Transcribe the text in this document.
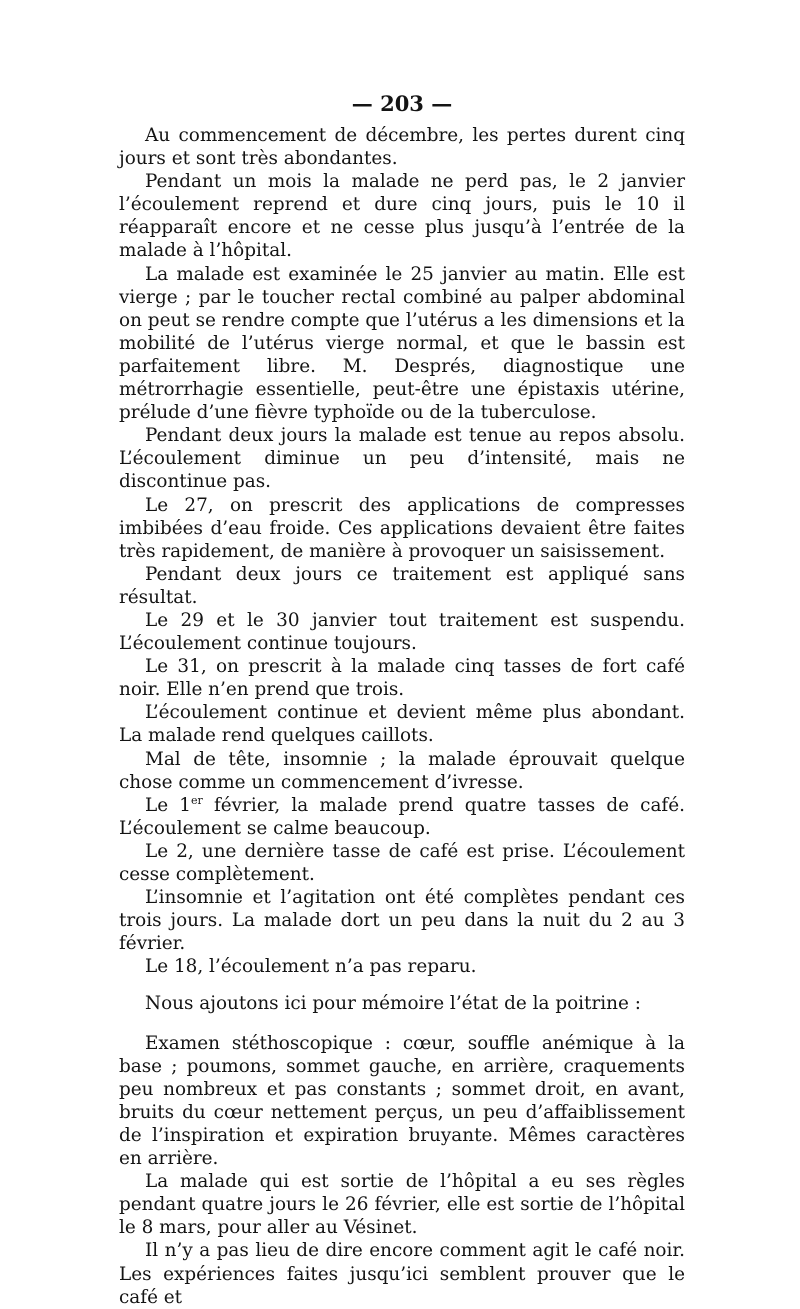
— 203 —

Au commencement de décembre, les pertes durent cinq jours et sont très abondantes.

Pendant un mois la malade ne perd pas, le 2 janvier l’écoulement reprend et dure cinq jours, puis le 10 il réapparaît encore et ne cesse plus jusqu’à l’entrée de la malade à l’hôpital.

La malade est examinée le 25 janvier au matin. Elle est vierge ; par le toucher rectal combiné au palper abdominal on peut se rendre compte que l’utérus a les dimensions et la mobilité de l’utérus vierge normal, et que le bassin est parfaitement libre. M. Després, diagnostique une métrorrhagie essentielle, peut-être une épistaxis utérine, prélude d’une fièvre typhoïde ou de la tuberculose.

Pendant deux jours la malade est tenue au repos absolu. L’écoulement diminue un peu d’intensité, mais ne discontinue pas.

Le 27, on prescrit des applications de compresses imbibées d’eau froide. Ces applications devaient être faites très rapidement, de manière à provoquer un saisissement.

Pendant deux jours ce traitement est appliqué sans résultat.

Le 29 et le 30 janvier tout traitement est suspendu. L’écoulement continue toujours.

Le 31, on prescrit à la malade cinq tasses de fort café noir. Elle n’en prend que trois.

L’écoulement continue et devient même plus abondant. La malade rend quelques caillots.

Mal de tête, insomnie ; la malade éprouvait quelque chose comme un commencement d’ivresse.

Le 1er février, la malade prend quatre tasses de café. L’écoulement se calme beaucoup.

Le 2, une dernière tasse de café est prise. L’écoulement cesse complètement.

L’insomnie et l’agitation ont été complètes pendant ces trois jours. La malade dort un peu dans la nuit du 2 au 3 février.

Le 18, l’écoulement n’a pas reparu.

Nous ajoutons ici pour mémoire l’état de la poitrine :

Examen stéthoscopique : cœur, souffle anémique à la base ; poumons, sommet gauche, en arrière, craquements peu nombreux et pas constants ; sommet droit, en avant, bruits du cœur nettement perçus, un peu d’affaiblissement de l’inspiration et expiration bruyante. Mêmes caractères en arrière.

La malade qui est sortie de l’hôpital a eu ses règles pendant quatre jours le 26 février, elle est sortie de l’hôpital le 8 mars, pour aller au Vésinet.

Il n’y a pas lieu de dire encore comment agit le café noir. Les expériences faites jusqu’ici semblent prouver que le café et
